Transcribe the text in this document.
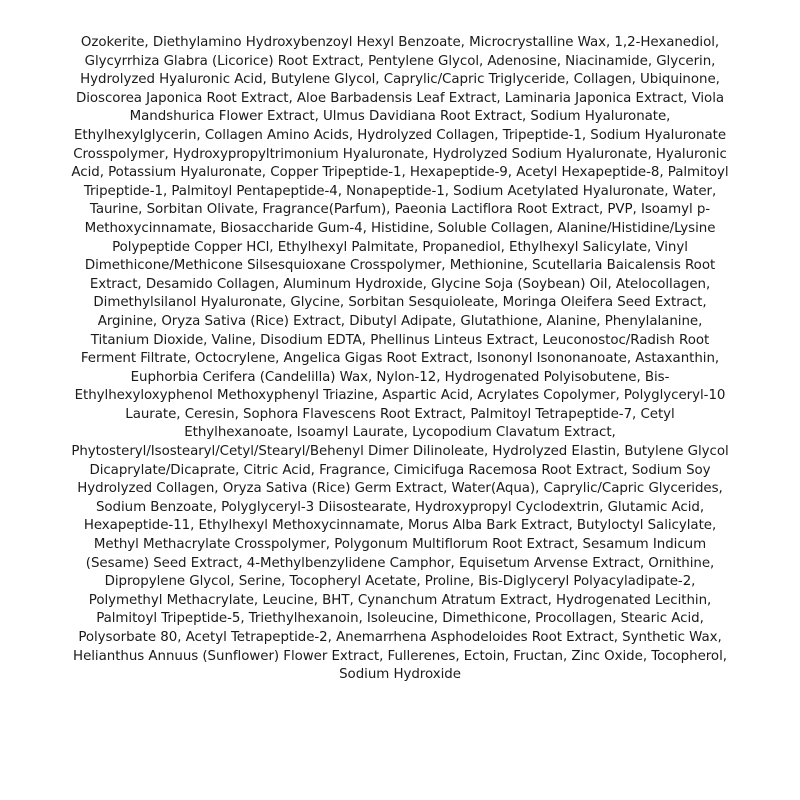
Ozokerite, Diethylamino Hydroxybenzoyl Hexyl Benzoate, Microcrystalline Wax, 1,2-Hexanediol, Glycyrrhiza Glabra (Licorice) Root Extract, Pentylene Glycol, Adenosine, Niacinamide, Glycerin, Hydrolyzed Hyaluronic Acid, Butylene Glycol, Caprylic/Capric Triglyceride, Collagen, Ubiquinone, Dioscorea Japonica Root Extract, Aloe Barbadensis Leaf Extract, Laminaria Japonica Extract, Viola Mandshurica Flower Extract, Ulmus Davidiana Root Extract, Sodium Hyaluronate, Ethylhexylglycerin, Collagen Amino Acids, Hydrolyzed Collagen, Tripeptide-1, Sodium Hyaluronate Crosspolymer, Hydroxypropyltrimonium Hyaluronate, Hydrolyzed Sodium Hyaluronate, Hyaluronic Acid, Potassium Hyaluronate, Copper Tripeptide-1, Hexapeptide-9, Acetyl Hexapeptide-8, Palmitoyl Tripeptide-1, Palmitoyl Pentapeptide-4, Nonapeptide-1, Sodium Acetylated Hyaluronate, Water, Taurine, Sorbitan Olivate, Fragrance(Parfum), Paeonia Lactiflora Root Extract, PVP, Isoamyl p-Methoxycinnamate, Biosaccharide Gum-4, Histidine, Soluble Collagen, Alanine/Histidine/Lysine Polypeptide Copper HCl, Ethylhexyl Palmitate, Propanediol, Ethylhexyl Salicylate, Vinyl Dimethicone/Methicone Silsesquioxane Crosspolymer, Methionine, Scutellaria Baicalensis Root Extract, Desamido Collagen, Aluminum Hydroxide, Glycine Soja (Soybean) Oil, Atelocollagen, Dimethylsilanol Hyaluronate, Glycine, Sorbitan Sesquioleate, Moringa Oleifera Seed Extract, Arginine, Oryza Sativa (Rice) Extract, Dibutyl Adipate, Glutathione, Alanine, Phenylalanine, Titanium Dioxide, Valine, Disodium EDTA, Phellinus Linteus Extract, Leuconostoc/Radish Root Ferment Filtrate, Octocrylene, Angelica Gigas Root Extract, Isononyl Isononanoate, Astaxanthin, Euphorbia Cerifera (Candelilla) Wax, Nylon-12, Hydrogenated Polyisobutene, Bis-Ethylhexyloxyphenol Methoxyphenyl Triazine, Aspartic Acid, Acrylates Copolymer, Polyglyceryl-10 Laurate, Ceresin, Sophora Flavescens Root Extract, Palmitoyl Tetrapeptide-7, Cetyl Ethylhexanoate, Isoamyl Laurate, Lycopodium Clavatum Extract, Phytosteryl/Isostearyl/Cetyl/Stearyl/Behenyl Dimer Dilinoleate, Hydrolyzed Elastin, Butylene Glycol Dicaprylate/Dicaprate, Citric Acid, Fragrance, Cimicifuga Racemosa Root Extract, Sodium Soy Hydrolyzed Collagen, Oryza Sativa (Rice) Germ Extract, Water(Aqua), Caprylic/Capric Glycerides, Sodium Benzoate, Polyglyceryl-3 Diisostearate, Hydroxypropyl Cyclodextrin, Glutamic Acid, Hexapeptide-11, Ethylhexyl Methoxycinnamate, Morus Alba Bark Extract, Butyloctyl Salicylate, Methyl Methacrylate Crosspolymer, Polygonum Multiflorum Root Extract, Sesamum Indicum (Sesame) Seed Extract, 4-Methylbenzylidene Camphor, Equisetum Arvense Extract, Ornithine, Dipropylene Glycol, Serine, Tocopheryl Acetate, Proline, Bis-Diglyceryl Polyacyladipate-2, Polymethyl Methacrylate, Leucine, BHT, Cynanchum Atratum Extract, Hydrogenated Lecithin, Palmitoyl Tripeptide-5, Triethylhexanoin, Isoleucine, Dimethicone, Procollagen, Stearic Acid, Polysorbate 80, Acetyl Tetrapeptide-2, Anemarrhena Asphodeloides Root Extract, Synthetic Wax, Helianthus Annuus (Sunflower) Flower Extract, Fullerenes, Ectoin, Fructan, Zinc Oxide, Tocopherol, Sodium Hydroxide
